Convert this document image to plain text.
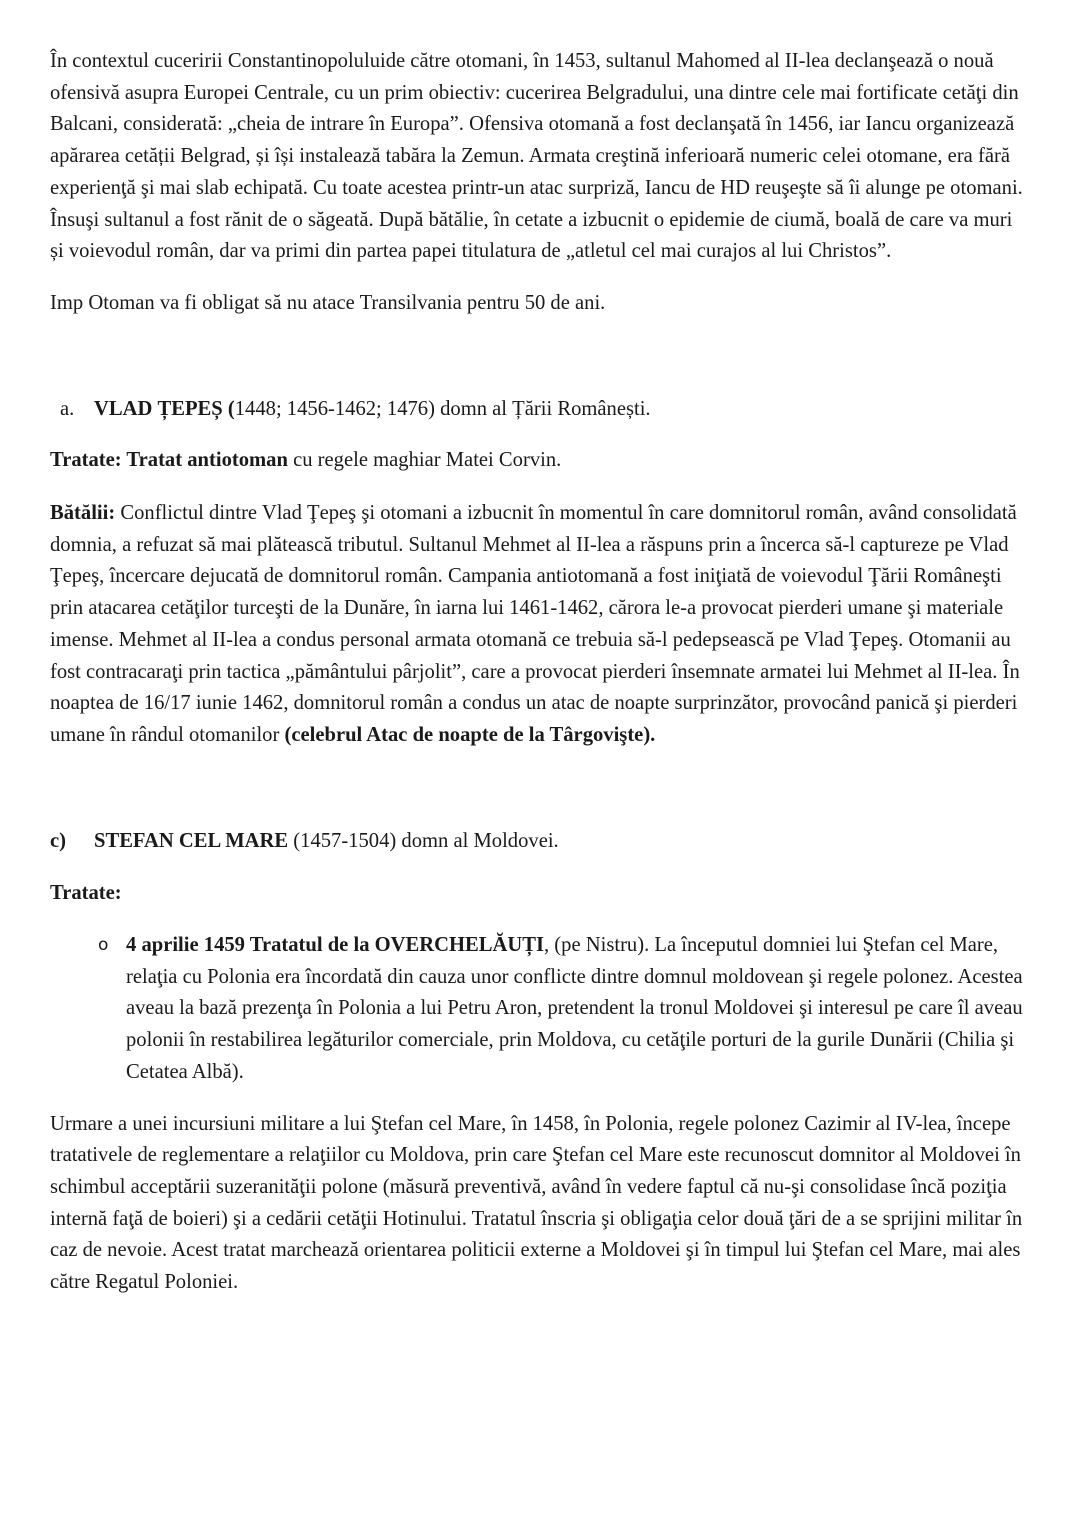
În contextul cuceririi Constantinopoluluide către otomani, în 1453, sultanul Mahomed al II-lea declanşează o nouă ofensivă asupra Europei Centrale, cu un prim obiectiv: cucerirea Belgradului, una dintre cele mai fortificate cetăţi din Balcani, considerată: „cheia de intrare în Europa”. Ofensiva otomană a fost declanşată în 1456, iar Iancu organizează apărarea cetății Belgrad, și își instalează tabăra la Zemun. Armata creştină inferioară numeric celei otomane, era fără experienţă şi mai slab echipată. Cu toate acestea printr-un atac surpriză, Iancu de HD reuşeşte să îi alunge pe otomani. Însuşi sultanul a fost rănit de o săgeată. După bătălie, în cetate a izbucnit o epidemie de ciumă, boală de care va muri și voievodul român, dar va primi din partea papei titulatura de „atletul cel mai curajos al lui Christos”.

Imp Otoman va fi obligat să nu atace Transilvania pentru 50 de ani.

a. VLAD ȚEPEȘ (1448; 1456-1462; 1476) domn al Țării Românești.

Tratate: Tratat antiotoman cu regele maghiar Matei Corvin.

Bătălii: Conflictul dintre Vlad Ţepeş şi otomani a izbucnit în momentul în care domnitorul român, având consolidată domnia, a refuzat să mai plătească tributul. Sultanul Mehmet al II-lea a răspuns prin a încerca să-l captureze pe Vlad Ţepeş, încercare dejucată de domnitorul român. Campania antiotomană a fost iniţiată de voievodul Ţării Româneşti prin atacarea cetăţilor turceşti de la Dunăre, în iarna lui 1461-1462, cărora le-a provocat pierderi umane şi materiale imense. Mehmet al II-lea a condus personal armata otomană ce trebuia să-l pedepsească pe Vlad Ţepeş. Otomanii au fost contracaraţi prin tactica „pământului pârjolit”, care a provocat pierderi însemnate armatei lui Mehmet al II-lea. În noaptea de 16/17 iunie 1462, domnitorul român a condus un atac de noapte surprinzător, provocând panică şi pierderi umane în rândul otomanilor (celebrul Atac de noapte de la Târgovişte).

c) STEFAN CEL MARE (1457-1504) domn al Moldovei.

Tratate:

o 4 aprilie 1459 Tratatul de la OVERCHELĂUȚI, (pe Nistru). La începutul domniei lui Ştefan cel Mare, relaţia cu Polonia era încordată din cauza unor conflicte dintre domnul moldovean şi regele polonez. Acestea aveau la bază prezenţa în Polonia a lui Petru Aron, pretendent la tronul Moldovei şi interesul pe care îl aveau polonii în restabilirea legăturilor comerciale, prin Moldova, cu cetăţile porturi de la gurile Dunării (Chilia şi Cetatea Albă).

Urmare a unei incursiuni militare a lui Ştefan cel Mare, în 1458, în Polonia, regele polonez Cazimir al IV-lea, începe tratativele de reglementare a relaţiilor cu Moldova, prin care Ştefan cel Mare este recunoscut domnitor al Moldovei în schimbul acceptării suzeranităţii polone (măsură preventivă, având în vedere faptul că nu-şi consolidase încă poziţia internă faţă de boieri) şi a cedării cetăţii Hotinului. Tratatul înscria şi obligaţia celor două ţări de a se sprijini militar în caz de nevoie. Acest tratat marchează orientarea politicii externe a Moldovei şi în timpul lui Ştefan cel Mare, mai ales către Regatul Poloniei.
